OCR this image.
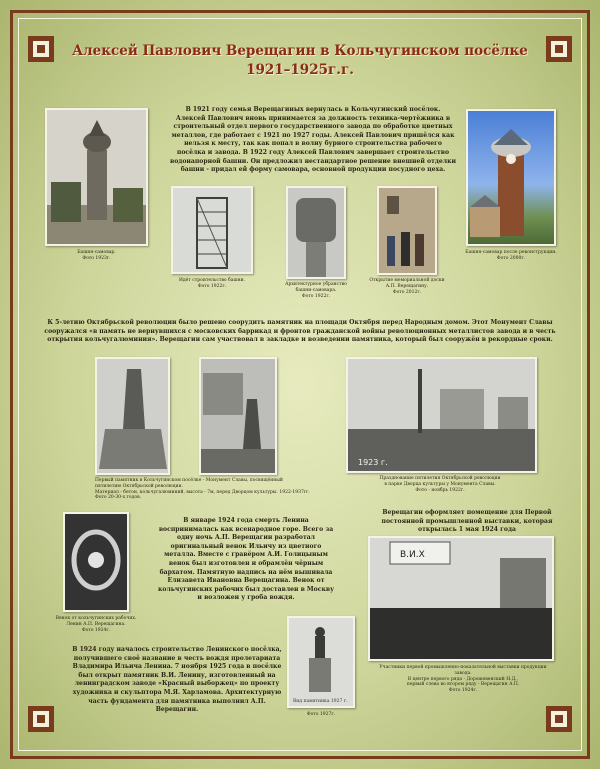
Алексей Павлович Верещагин в Кольчугинском посёлке
1921–1925г.г.
Башня-самовар.
Фото 1923г.
В 1921 году семья Верещагиных вернулась в Кольчугинский посёлок. Алексей Павлович вновь принимается за должность техника-чертёжника в строительный отдел первого государственного завода по обработке цветных металлов, где работает с 1921 по 1927 годы. Алексей Павлович пришёлся как нельзя к месту, так как попал в волну бурного строительства рабочего посёлка и завода. В 1922 году Алексей Павлович завершает строительство водонапорной башни. Он предложил нестандартное решение внешней отделки башни - придал ей форму самовара, основной продукции посудного цеха.
Башня-самовар после реконструкции.
Фото 2000г.
Идёт строительство башни.
Фото 1922г.	Архитектурное убранство
башни-самовара.
Фото 1922г.
Открытие мемориальной доски
А.П. Верещагину.
Фото 2012г.
К 5-летию Октябрьской революции было решено соорудить памятник на площади Октября перед Народным домом. Этот Монумент Славы сооружался «в память не вернувшихся с московских баррикад и фронтов гражданской войны революционных металлистов завода и в честь открытия кольчугалюминия». Верещагин сам участвовал в закладке и возведении памятника, который был сооружён в рекордные сроки.
Первый памятник в Кольчугинском посёлке - Монумент Славы, посвящённый пятилетию Октябрьской революции.
Материал - бетон, кольчугалюминий, высота - 7м, перед Дворцом культуры. 1922-1937гг.
Фото 20-30-х годов.
1923 г.
Празднование пятилетия Октябрьской революции
в парке Дворца культуры у Монумента Славы.
Фото - ноябрь 1922г.
Венок от кольчугинских рабочих.
Ленин А.П. Верещагина.
Фото 1924г.
В январе 1924 года смерть Ленина воспринималась как всенародное горе. Всего за одну ночь А.П. Верещагин разработал оригинальный венок Ильичу из цветного металла. Вместе с гравёром А.И. Голицыным венок был изготовлен и обрамлён чёрным бархатом. Памятную надпись на нём вышивала Елизавета Ивановна Верещагина. Венок от кольчугинских рабочих был доставлен в Москву и возложен у гроба вождя.
Верещагин оформляет помещение для Первой постоянной промышленной выставки, которая открылась 1 мая 1924 года
В.И.Х
Участники первой промышленно-показательной выставки продукции завода.
В центре первого ряда - Дорошевенский Н.Д.,
первый слева во втором ряду - Верещагин А.П.
Фото 1924г.
В 1924 году началось строительство Ленинского посёлка, получившего своё название в честь вождя пролетариата Владимира Ильича Ленина. 7 ноября 1925 года в посёлке был открыт памятник В.И. Ленину, изготовленный на ленинградском заводе «Красный выборжец» по проекту художника и скульптора М.Я. Харламова. Архитектурную часть фундамента для памятника выполнил А.П. Верещагин.
Вид памятника 1927 г.
Фото 1927г.
